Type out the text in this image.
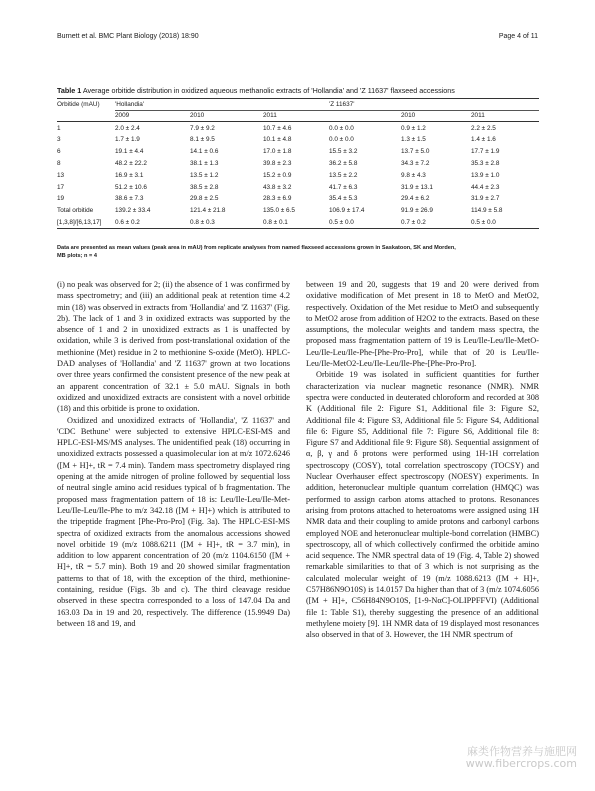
Burnett et al. BMC Plant Biology (2018) 18:90	Page 4 of 11
Table 1 Average orbitide distribution in oxidized aqueous methanolic extracts of 'Hollandia' and 'Z 11637' flaxseed accessions
Orbitide (mAU)	'Hollandia'			'Z 11637'		
	2009	2010	2011		2010	2011
1	2.0 ± 2.4	7.9 ± 9.2	10.7 ± 4.6	0.0 ± 0.0	0.9 ± 1.2	2.2 ± 2.5
3	1.7 ± 1.9	8.1 ± 9.5	10.1 ± 4.8	0.0 ± 0.0	1.3 ± 1.5	1.4 ± 1.6
6	19.1 ± 4.4	14.1 ± 0.6	17.0 ± 1.8	15.5 ± 3.2	13.7 ± 5.0	17.7 ± 1.9
8	48.2 ± 22.2	38.1 ± 1.3	39.8 ± 2.3	36.2 ± 5.8	34.3 ± 7.2	35.3 ± 2.8
13	16.9 ± 3.1	13.5 ± 1.2	15.2 ± 0.9	13.5 ± 2.2	9.8 ± 4.3	13.9 ± 1.0
17	51.2 ± 10.6	38.5 ± 2.8	43.8 ± 3.2	41.7 ± 6.3	31.9 ± 13.1	44.4 ± 2.3
19	38.6 ± 7.3	29.8 ± 2.5	28.3 ± 6.9	35.4 ± 5.3	29.4 ± 6.2	31.9 ± 2.7
Total orbitide	139.2 ± 33.4	121.4 ± 21.8	135.0 ± 6.5	106.9 ± 17.4	91.9 ± 26.9	114.9 ± 5.8
[1,3,8]/[6,13,17]	0.6 ± 0.2	0.8 ± 0.3	0.8 ± 0.1	0.5 ± 0.0	0.7 ± 0.2	0.5 ± 0.0
Data are presented as mean values (peak area in mAU) from replicate analyses from named flaxseed accessions grown in Saskatoon, SK and Morden,
MB plots; n = 4

(i) no peak was observed for 2; (ii) the absence of 1 was confirmed by mass spectrometry; and (iii) an additional peak at retention time 4.2 min (18) was observed in extracts from 'Hollandia' and 'Z 11637' (Fig. 2b). The lack of 1 and 3 in oxidized extracts was supported by the absence of 1 and 2 in unoxidized extracts as 1 is unaffected by oxidation, while 3 is derived from post-translational oxidation of the methionine (Met) residue in 2 to methionine S-oxide (MetO). HPLC-DAD analyses of 'Hollandia' and 'Z 11637' grown at two locations over three years confirmed the consistent presence of the new peak at an apparent concentration of 32.1 ± 5.0 mAU. Signals in both oxidized and unoxidized extracts are consistent with a novel orbitide (18) and this orbitide is prone to oxidation.

Oxidized and unoxidized extracts of 'Hollandia', 'Z 11637' and 'CDC Bethune' were subjected to extensive HPLC-ESI-MS and HPLC-ESI-MS/MS analyses. The unidentified peak (18) occurring in unoxidized extracts possessed a quasimolecular ion at m/z 1072.6246 ([M + H]+, tR = 7.4 min). Tandem mass spectrometry displayed ring opening at the amide nitrogen of proline followed by sequential loss of neutral single amino acid residues typical of b fragmentation. The proposed mass fragmentation pattern of 18 is: Leu/Ile-Leu/Ile-Met-Leu/Ile-Leu/Ile-Phe to m/z 342.18 ([M + H]+) which is attributed to the tripeptide fragment [Phe-Pro-Pro] (Fig. 3a). The HPLC-ESI-MS spectra of oxidized extracts from the anomalous accessions showed novel orbitide 19 (m/z 1088.6211 ([M + H]+, tR = 3.7 min), in addition to low apparent concentration of 20 (m/z 1104.6150 ([M + H]+, tR = 5.7 min). Both 19 and 20 showed similar fragmentation patterns to that of 18, with the exception of the third, methionine-containing, residue (Figs. 3b and c). The third cleavage residue observed in these spectra corresponded to a loss of 147.04 Da and 163.03 Da in 19 and 20, respectively. The difference (15.9949 Da) between 18 and 19, and

between 19 and 20, suggests that 19 and 20 were derived from oxidative modification of Met present in 18 to MetO and MetO2, respectively. Oxidation of the Met residue to MetO and subsequently to MetO2 arose from addition of H2O2 to the extracts. Based on these assumptions, the molecular weights and tandem mass spectra, the proposed mass fragmentation pattern of 19 is Leu/Ile-Leu/Ile-MetO-Leu/Ile-Leu/Ile-Phe-[Phe-Pro-Pro], while that of 20 is Leu/Ile-Leu/Ile-MetO2-Leu/Ile-Leu/Ile-Phe-[Phe-Pro-Pro].

Orbitide 19 was isolated in sufficient quantities for further characterization via nuclear magnetic resonance (NMR). NMR spectra were conducted in deuterated chloroform and recorded at 308 K (Additional file 2: Figure S1, Additional file 3: Figure S2, Additional file 4: Figure S3, Additional file 5: Figure S4, Additional file 6: Figure S5, Additional file 7: Figure S6, Additional file 8: Figure S7 and Additional file 9: Figure S8). Sequential assignment of α, β, γ and δ protons were performed using 1H-1H correlation spectroscopy (COSY), total correlation spectroscopy (TOCSY) and Nuclear Overhauser effect spectroscopy (NOESY) experiments. In addition, heteronuclear multiple quantum correlation (HMQC) was performed to assign carbon atoms attached to protons. Resonances arising from protons attached to heteroatoms were assigned using 1H NMR data and their coupling to amide protons and carbonyl carbons employed NOE and heteronuclear multiple-bond correlation (HMBC) spectroscopy, all of which collectively confirmed the orbitide amino acid sequence. The NMR spectral data of 19 (Fig. 4, Table 2) showed remarkable similarities to that of 3 which is not surprising as the calculated molecular weight of 19 (m/z 1088.6213 ([M + H]+, C57H86N9O10S) is 14.0157 Da higher than that of 3 (m/z 1074.6056 ([M + H]+, C56H84N9O10S, [1-9-NαC]-OLIPPFFVI) (Additional file 1: Table S1), thereby suggesting the presence of an additional methylene moiety [9]. 1H NMR data of 19 displayed most resonances also observed in that of 3. However, the 1H NMR spectrum of

麻类作物营养与施肥网
www.fibercrops.com
